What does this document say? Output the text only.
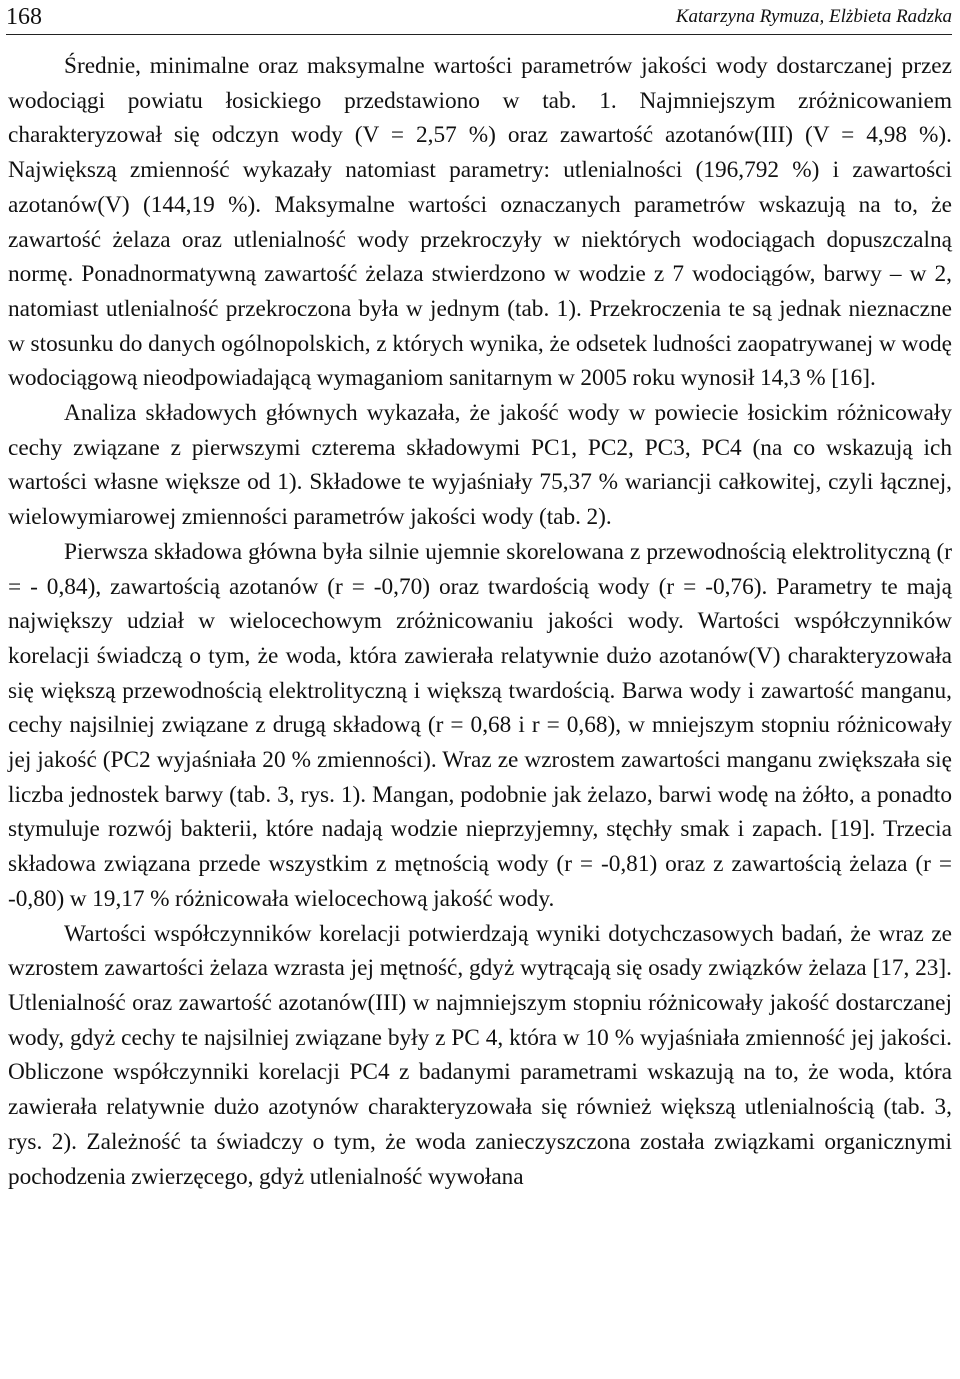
168	Katarzyna Rymuza, Elżbieta Radzka

Średnie, minimalne oraz maksymalne wartości parametrów jakości wody dostarczanej przez wodociągi powiatu łosickiego przedstawiono w tab. 1. Najmniejszym zróżnicowaniem charakteryzował się odczyn wody (V = 2,57 %) oraz zawartość azotanów(III) (V = 4,98 %). Największą zmienność wykazały natomiast parametry: utlenialności (196,792 %) i zawartości azotanów(V) (144,19 %). Maksymalne wartości oznaczanych parametrów wskazują na to, że zawartość żelaza oraz utlenialność wody przekroczyły w niektórych wodociągach dopuszczalną normę. Ponadnormatywną zawartość żelaza stwierdzono w wodzie z 7 wodociągów, barwy – w 2, natomiast utlenialność przekroczona była w jednym (tab. 1). Przekroczenia te są jednak nieznaczne w stosunku do danych ogólnopolskich, z których wynika, że odsetek ludności zaopatrywanej w wodę wodociągową nieodpowiadającą wymaganiom sanitarnym w 2005 roku wynosił 14,3 % [16].

Analiza składowych głównych wykazała, że jakość wody w powiecie łosickim różnicowały cechy związane z pierwszymi czterema składowymi PC1, PC2, PC3, PC4 (na co wskazują ich wartości własne większe od 1). Składowe te wyjaśniały 75,37 % wariancji całkowitej, czyli łącznej, wielowymiarowej zmienności parametrów jakości wody (tab. 2).

Pierwsza składowa główna była silnie ujemnie skorelowana z przewodnością elektrolityczną (r = - 0,84), zawartością azotanów (r = -0,70) oraz twardością wody (r = -0,76). Parametry te mają największy udział w wielocechowym zróżnicowaniu jakości wody. Wartości współczynników korelacji świadczą o tym, że woda, która zawierała relatywnie dużo azotanów(V) charakteryzowała się większą przewodnością elektrolityczną i większą twardością. Barwa wody i zawartość manganu, cechy najsilniej związane z drugą składową (r = 0,68 i r = 0,68), w mniejszym stopniu różnicowały jej jakość (PC2 wyjaśniała 20 % zmienności). Wraz ze wzrostem zawartości manganu zwiększała się liczba jednostek barwy (tab. 3, rys. 1). Mangan, podobnie jak żelazo, barwi wodę na żółto, a ponadto stymuluje rozwój bakterii, które nadają wodzie nieprzyjemny, stęchły smak i zapach. [19]. Trzecia składowa związana przede wszystkim z mętnością wody (r = -0,81) oraz z zawartością żelaza (r = -0,80) w 19,17 % różnicowała wielocechową jakość wody.

Wartości współczynników korelacji potwierdzają wyniki dotychczasowych badań, że wraz ze wzrostem zawartości żelaza wzrasta jej mętność, gdyż wytrącają się osady związków żelaza [17, 23]. Utlenialność oraz zawartość azotanów(III) w najmniejszym stopniu różnicowały jakość dostarczanej wody, gdyż cechy te najsilniej związane były z PC 4, która w 10 % wyjaśniała zmienność jej jakości. Obliczone współczynniki korelacji PC4 z badanymi parametrami wskazują na to, że woda, która zawierała relatywnie dużo azotynów charakteryzowała się również większą utlenialnością (tab. 3, rys. 2). Zależność ta świadczy o tym, że woda zanieczyszczona została związkami organicznymi pochodzenia zwierzęcego, gdyż utlenialność wywołana
